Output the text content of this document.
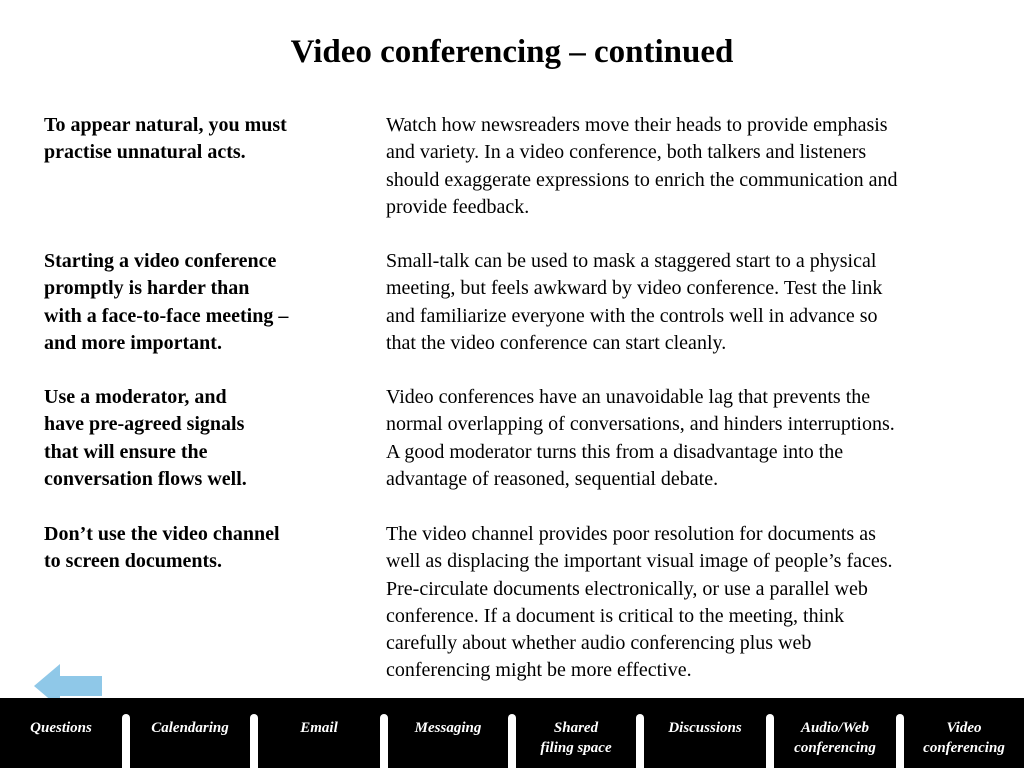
Video conferencing – continued
To appear natural, you must
practise unnatural acts.
Watch how newsreaders move their heads to provide emphasis
and variety. In a video conference, both talkers and listeners
should exaggerate expressions to enrich the communication and
provide feedback.
Starting a video conference
promptly is harder than
with a face-to-face meeting –
and more important.
Small-talk can be used to mask a staggered start to a physical
meeting, but feels awkward by video conference. Test the link
and familiarize everyone with the controls well in advance so
that the video conference can start cleanly.
Use a moderator, and
have pre-agreed signals
that will ensure the
conversation flows well.
Video conferences have an unavoidable lag that prevents the
normal overlapping of conversations, and hinders interruptions.
A good moderator turns this from a disadvantage into the
advantage of reasoned, sequential debate.
Don’t use the video channel
to screen documents.
The video channel provides poor resolution for documents as
well as displacing the important visual image of people’s faces.
Pre-circulate documents electronically, or use a parallel web
conference. If a document is critical to the meeting, think
carefully about whether audio conferencing plus web
conferencing might be more effective.
Questions	Calendaring	Email	Messaging	Shared
filing space
Discussions	Audio/Web
conferencing
Video
conferencing
